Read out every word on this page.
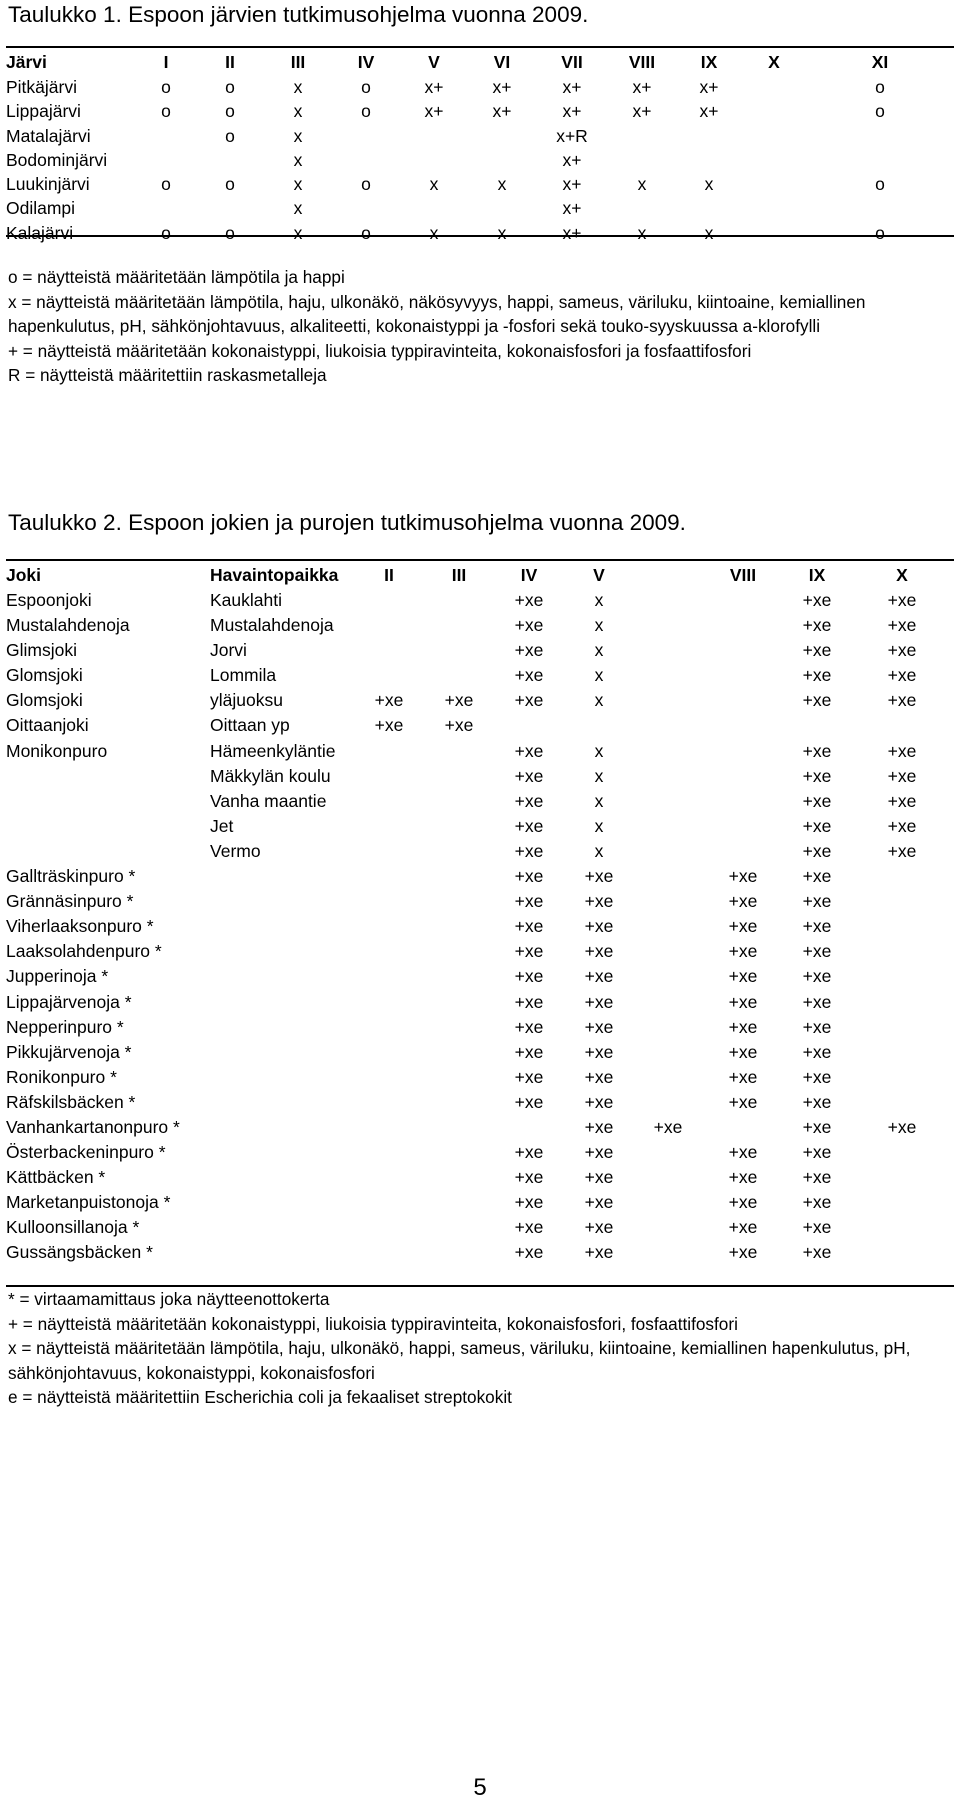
Taulukko 1. Espoon järvien tutkimusohjelma vuonna 2009.
Järvi	I	II	III	IV	V	VI	VII	VIII	IX	X	XI
Pitkäjärvi	o	o	x	o	x+	x+	x+	x+	x+		o
Lippajärvi	o	o	x	o	x+	x+	x+	x+	x+		o
Matalajärvi		o	x				x+R				
Bodominjärvi			x				x+				
Luukinjärvi	o	o	x	o	x	x	x+	x	x		o
Odilampi			x				x+				
Kalajärvi	o	o	x	o	x	x	x+	x	x		o
o = näytteistä määritetään lämpötila ja happi
x = näytteistä määritetään lämpötila, haju, ulkonäkö, näkösyvyys, happi, sameus, väriluku, kiintoaine, kemiallinen hapenkulutus, pH, sähkönjohtavuus, alkaliteetti, kokonaistyppi ja -fosfori sekä touko-syyskuussa a-klorofylli
+ = näytteistä määritetään kokonaistyppi, liukoisia typpiravinteita, kokonaisfosfori ja fosfaattifosfori
R = näytteistä määritettiin raskasmetalleja
Taulukko 2. Espoon jokien ja purojen tutkimusohjelma vuonna 2009.
Joki	Havaintopaikka	II	III	IV	V		VIII	IX	X
Espoonjoki	Kauklahti			+xe	x			+xe	+xe
Mustalahdenoja	Mustalahdenoja			+xe	x			+xe	+xe
Glimsjoki	Jorvi			+xe	x			+xe	+xe
Glomsjoki	Lommila			+xe	x			+xe	+xe
Glomsjoki	yläjuoksu	+xe	+xe	+xe	x			+xe	+xe
Oittaanjoki	Oittaan yp	+xe	+xe						
Monikonpuro	Hämeenkyläntie			+xe	x			+xe	+xe
	Mäkkylän koulu			+xe	x			+xe	+xe
	Vanha maantie			+xe	x			+xe	+xe
	Jet			+xe	x			+xe	+xe
	Vermo			+xe	x			+xe	+xe
Gallträskinpuro *				+xe	+xe		+xe	+xe	
Grännäsinpuro *				+xe	+xe		+xe	+xe	
Viherlaaksonpuro *				+xe	+xe		+xe	+xe	
Laaksolahdenpuro *				+xe	+xe		+xe	+xe	
Jupperinoja *				+xe	+xe		+xe	+xe	
Lippajärvenoja *				+xe	+xe		+xe	+xe	
Nepperinpuro *				+xe	+xe		+xe	+xe	
Pikkujärvenoja *				+xe	+xe		+xe	+xe	
Ronikonpuro *				+xe	+xe		+xe	+xe	
Räfskilsbäcken *				+xe	+xe		+xe	+xe	
Vanhankartanonpuro *					+xe	+xe		+xe	+xe
Österbackeninpuro *				+xe	+xe		+xe	+xe	
Kättbäcken *				+xe	+xe		+xe	+xe	
Marketanpuistonoja *				+xe	+xe		+xe	+xe	
Kulloonsillanoja *				+xe	+xe		+xe	+xe	
Gussängsbäcken *				+xe	+xe		+xe	+xe	
* = virtaamamittaus joka näytteenottokerta
+ = näytteistä määritetään kokonaistyppi, liukoisia typpiravinteita, kokonaisfosfori, fosfaattifosfori
x = näytteistä määritetään lämpötila, haju, ulkonäkö, happi, sameus, väriluku, kiintoaine, kemiallinen hapenkulutus, pH, sähkönjohtavuus, kokonaistyppi, kokonaisfosfori
e = näytteistä määritettiin Escherichia coli ja fekaaliset streptokokit
5
